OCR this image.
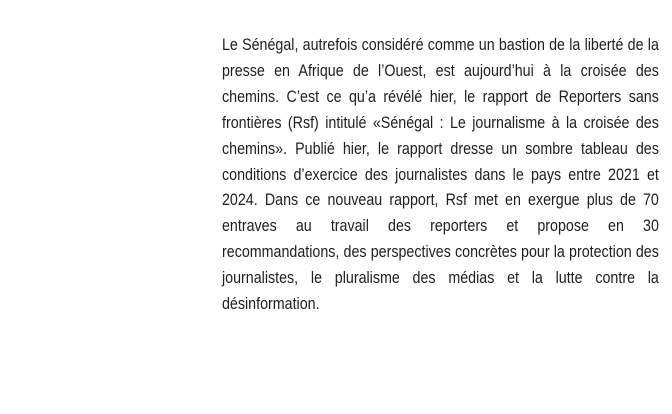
Le Sénégal, autrefois considéré comme un bastion de la liberté de la presse en Afrique de l’Ouest, est aujourd’hui à la croisée des chemins. C’est ce qu’a révélé hier, le rapport de Reporters sans frontières (Rsf) intitulé «Sénégal : Le journalisme à la croisée des chemins». Publié hier, le rapport dresse un sombre tableau des conditions d’exercice des journalistes dans le pays entre 2021 et 2024. Dans ce nouveau rapport, Rsf met en exergue plus de 70 entraves au travail des reporters et propose en 30 recommandations, des perspectives concrètes pour la protection des journalistes, le pluralisme des médias et la lutte contre la désinformation.
